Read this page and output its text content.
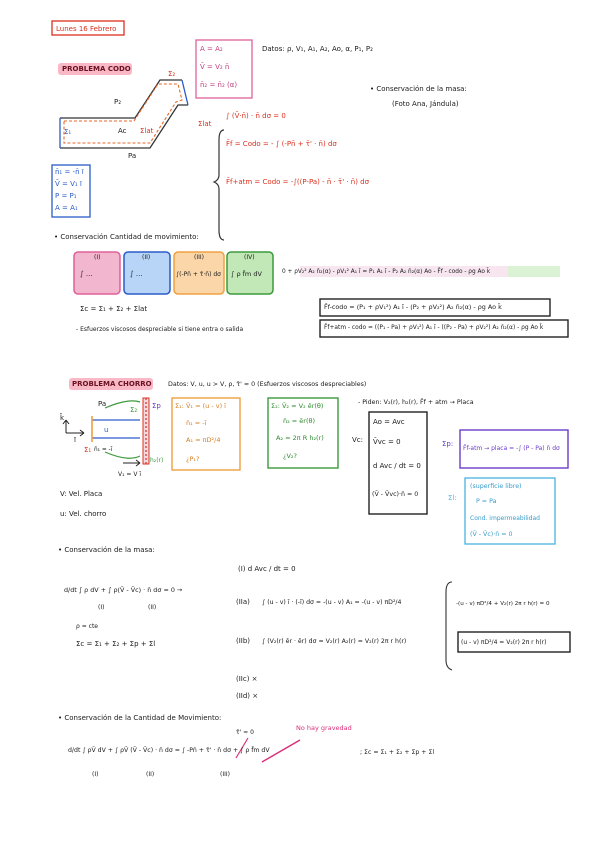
Lunes 16 Febrero
PROBLEMA CODO
A = A₂
V̄ = V₂ n̄
n̄₂ = n̄₂ (α)
Datos: ρ, V₁, A₁, A₂, Ao, α, P₁, P₂
Σ₂
P₂
Σ₁	Ac Σlat
Pa
n̄₁ = -n̄ ī
V̄ = V₁ ī
P = P₁
A = A₁
• Conservación de la masa:
(Foto Ana, Jándula)
Σlat
∫ (V̄·n̄) · n̄ dσ = 0
F̄f = Codo = - ∫ (-Pn̄ + τ̄' · n̄) dσ
F̄f+atm = Codo = -∫((P-Pa) - n̄ · τ̄' · n̄) dσ
• Conservación Cantidad de movimiento:
(I)	(II)	(III)	(IV)
∫ ...	∫ ...	∫(-Pn̄ + τ̄·n̄) dσ ∫ ρ f̄m dV	0 + ρV₂² A₂ n̄₂(α) - ρV₁² A₁ ī = P₁ A₁ ī - P₂ A₂ n̄₂(α) Ao - F̄f - codo - ρg Ao k̄
Σc = Σ₁ + Σ₂ + Σlat
- Esfuerzos viscosos despreciable si tiene entra o salida
F̄f-codo = (P₁ + ρV₁²) A₁ ī - (P₂ + ρV₂²) A₂ n̄₂(α) - ρg Ao k̄
F̄f+atm - codo = ((P₁ - Pa) + ρV₁²) A₁ ī - ((P₂ - Pa) + ρV₂²) A₂ n̄₂(α) - ρg Ao k̄
PROBLEMA CHORRO	Datos: V, u, u > V, ρ, τ̄' ≈ 0 (Esfuerzos viscosos despreciables)
- Piden: V₂(r), h₂(r), F̄f + atm → Placa
Pa
Σ₁
Σ₂ Σp
k̄
ī
u
n̄₁ = -ī
V₁ = V ī
h₂(r)
Σ₁: V̄₁ = (u - v) ī
n̄₁ = -ī
A₁ = πD²/4
¿P₁?
Σ₂: V̄₂ = V₂ ēr(θ)
n̄₂ = ēr(θ)
A₂ = 2π R h₂(r)
¿V₂?
Vc:
Ao = Avc
V̄vc = 0
d Avc / dt = 0
(V̄ - V̄vc)·n̄ = 0
Σp:
F̄f-atm → placa = -∫ (P - Pa) n̄ dσ
Σl:
(superficie libre)
P = Pa
Cond. impermeabilidad
(V̄ - V̄c)·n̄ = 0
V: Vel. Placa
u: Vel. chorro
• Conservación de la masa:
d/dt ∫ ρ dV + ∫ ρ(V̄ - V̄c) · n̄ dσ = 0 →
(I)	(II)
ρ = cte
Σc = Σ₁ + Σ₂ + Σp + Σl
(I) d Avc / dt = 0
(IIa) ∫ (u - v) ī · (-ī) dσ = -(u - v) A₁ = -(u - v) πD²/4
(IIb) ∫ (V₂(r) ēr · ēr) dσ = V₂(r) A₂(r) = V₂(r) 2π r h(r)
(IIc) ×
(IId) ×
-(u - v) πD²/4 + V₂(r) 2π r h(r) = 0
(u - v) πD²/4 = V₂(r) 2π r h(r)
• Conservación de la Cantidad de Movimiento:
τ̄' ≈ 0
No hay gravedad
d/dt ∫ ρV̄ dV + ∫ ρV̄ (V̄ - V̄c) · n̄ dσ = ∫ -Pn̄ + τ̄' · n̄ dσ + ∫ ρ f̄m dV
(I)	(II)	(III)
; Σc = Σ₁ + Σ₂ + Σp + Σl
